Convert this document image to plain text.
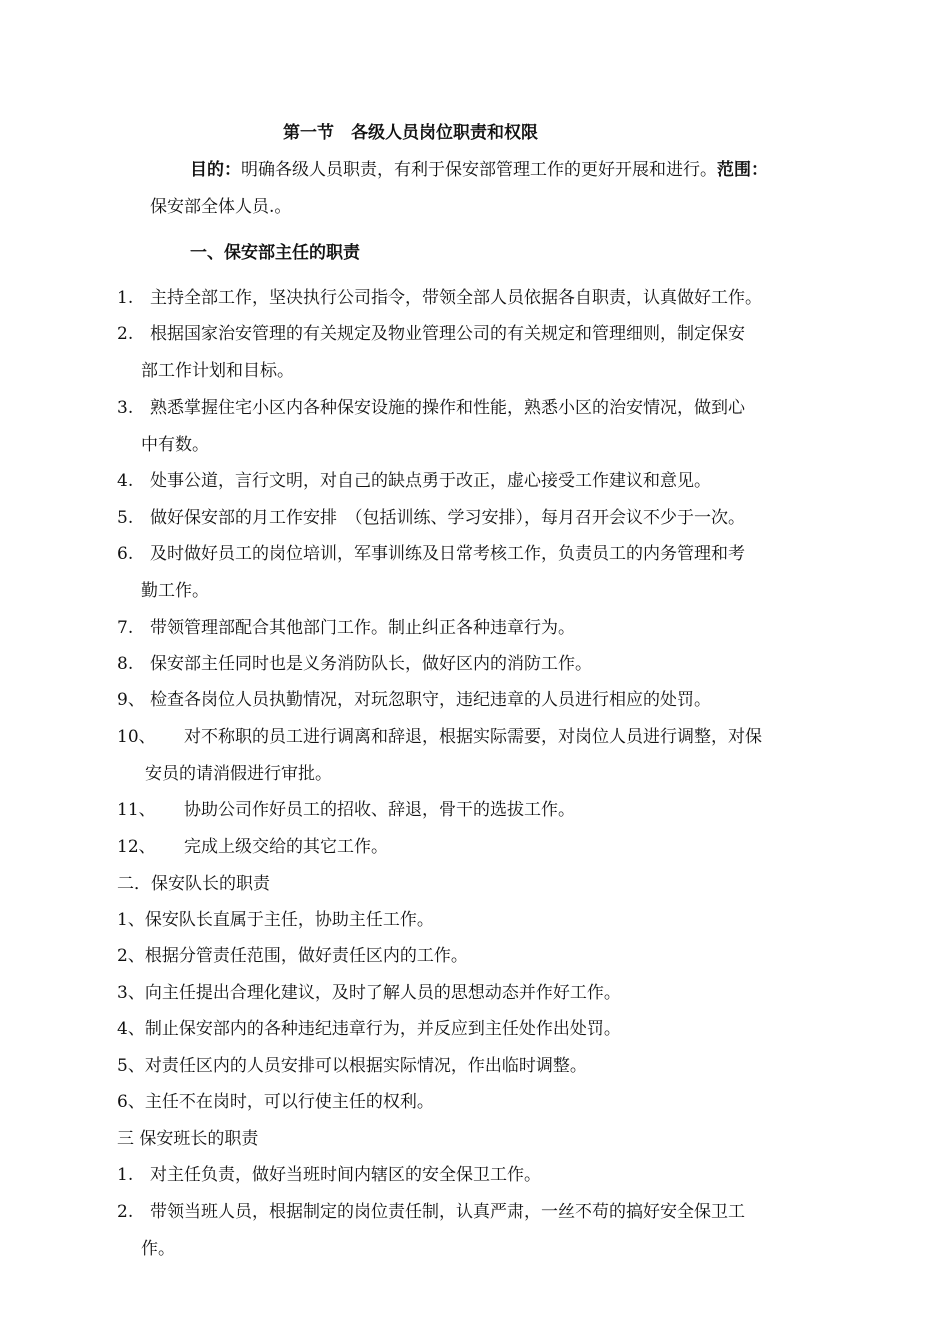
第一节　各级人员岗位职责和权限
目的：明确各级人员职责，有利于保安部管理工作的更好开展和进行。范围：
保安部全体人员.。
一、保安部主任的职责
1. 主持全部工作，坚决执行公司指令，带领全部人员依据各自职责，认真做好工作。
2. 根据国家治安管理的有关规定及物业管理公司的有关规定和管理细则，制定保安
部工作计划和目标。
3. 熟悉掌握住宅小区内各种保安设施的操作和性能，熟悉小区的治安情况，做到心
中有数。
4. 处事公道，言行文明，对自己的缺点勇于改正，虚心接受工作建议和意见。
5. 做好保安部的月工作安排　（包括训练、学习安排），每月召开会议不少于一次。
6. 及时做好员工的岗位培训，军事训练及日常考核工作，负责员工的内务管理和考
勤工作。
7. 带领管理部配合其他部门工作。制止纠正各种违章行为。
8. 保安部主任同时也是义务消防队长，做好区内的消防工作。
9、 检查各岗位人员执勤情况，对玩忽职守，违纪违章的人员进行相应的处罚。
10、 对不称职的员工进行调离和辞退，根据实际需要，对岗位人员进行调整，对保
安员的请消假进行审批。
11、 协助公司作好员工的招收、辞退，骨干的选拔工作。
12、 完成上级交给的其它工作。
二．保安队长的职责
1、保安队长直属于主任，协助主任工作。
2、根据分管责任范围，做好责任区内的工作。
3、向主任提出合理化建议，及时了解人员的思想动态并作好工作。
4、制止保安部内的各种违纪违章行为，并反应到主任处作出处罚。
5、对责任区内的人员安排可以根据实际情况，作出临时调整。
6、主任不在岗时，可以行使主任的权利。
三 保安班长的职责
1. 对主任负责，做好当班时间内辖区的安全保卫工作。
2. 带领当班人员，根据制定的岗位责任制，认真严肃，一丝不苟的搞好安全保卫工
作。
